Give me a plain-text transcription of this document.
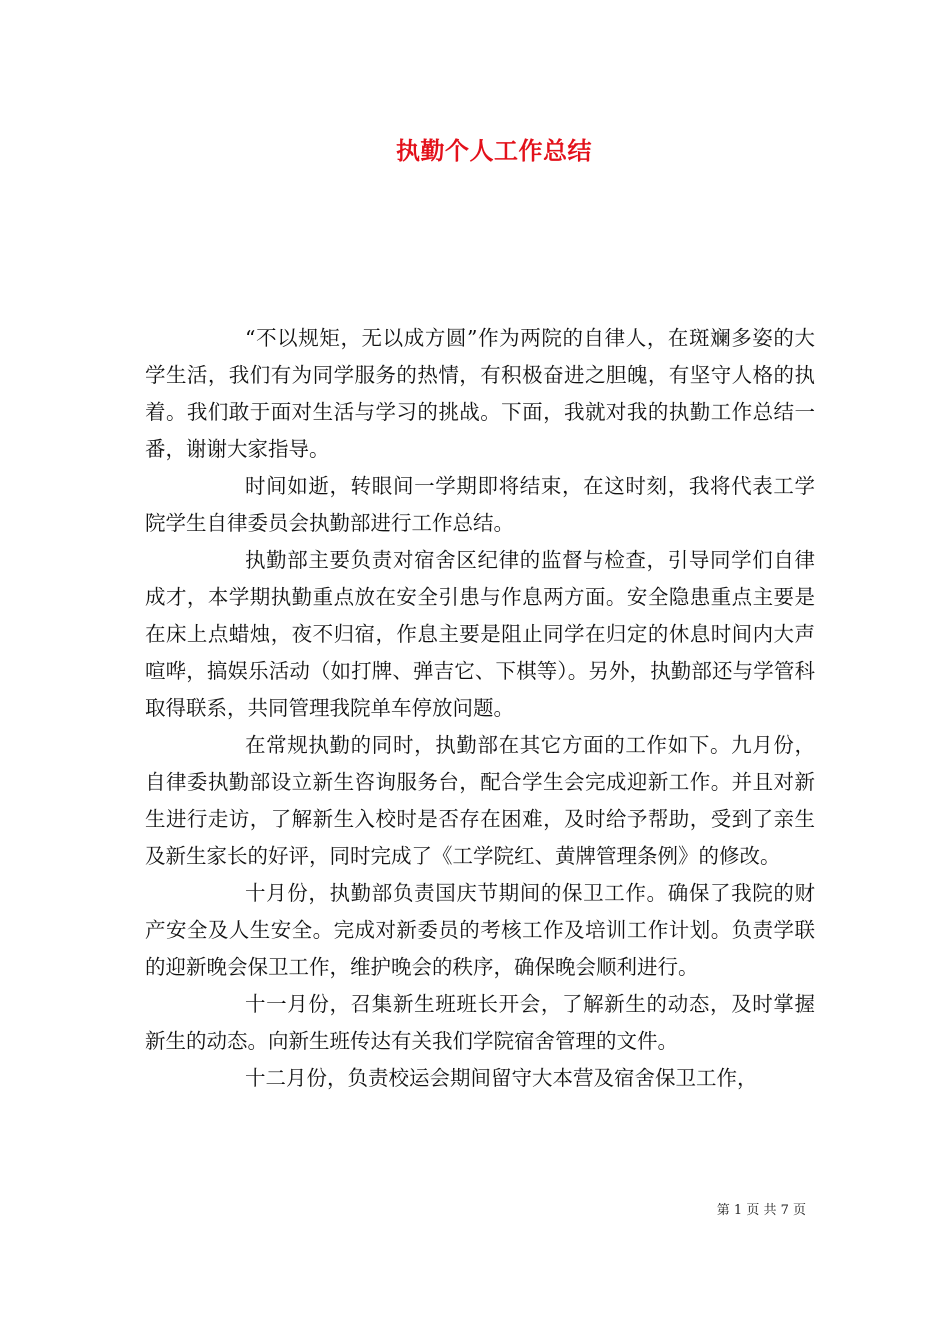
执勤个人工作总结

“不以规矩，无以成方圆”作为两院的自律人，在斑斓多姿的大学生活，我们有为同学服务的热情，有积极奋进之胆魄，有坚守人格的执着。我们敢于面对生活与学习的挑战。下面，我就对我的执勤工作总结一番，谢谢大家指导。

时间如逝，转眼间一学期即将结束，在这时刻，我将代表工学院学生自律委员会执勤部进行工作总结。

执勤部主要负责对宿舍区纪律的监督与检查，引导同学们自律成才，本学期执勤重点放在安全引患与作息两方面。安全隐患重点主要是在床上点蜡烛，夜不归宿，作息主要是阻止同学在归定的休息时间内大声喧哗，搞娱乐活动（如打牌、弹吉它、下棋等）。另外，执勤部还与学管科取得联系，共同管理我院单车停放问题。

在常规执勤的同时，执勤部在其它方面的工作如下。九月份，自律委执勤部设立新生咨询服务台，配合学生会完成迎新工作。并且对新生进行走访，了解新生入校时是否存在困难，及时给予帮助，受到了亲生及新生家长的好评，同时完成了《工学院红、黄牌管理条例》的修改。

十月份，执勤部负责国庆节期间的保卫工作。确保了我院的财产安全及人生安全。完成对新委员的考核工作及培训工作计划。负责学联的迎新晚会保卫工作，维护晚会的秩序，确保晚会顺利进行。

十一月份，召集新生班班长开会，了解新生的动态，及时掌握新生的动态。向新生班传达有关我们学院宿舍管理的文件。

十二月份，负责校运会期间留守大本营及宿舍保卫工作，

第 1 页 共 7 页
